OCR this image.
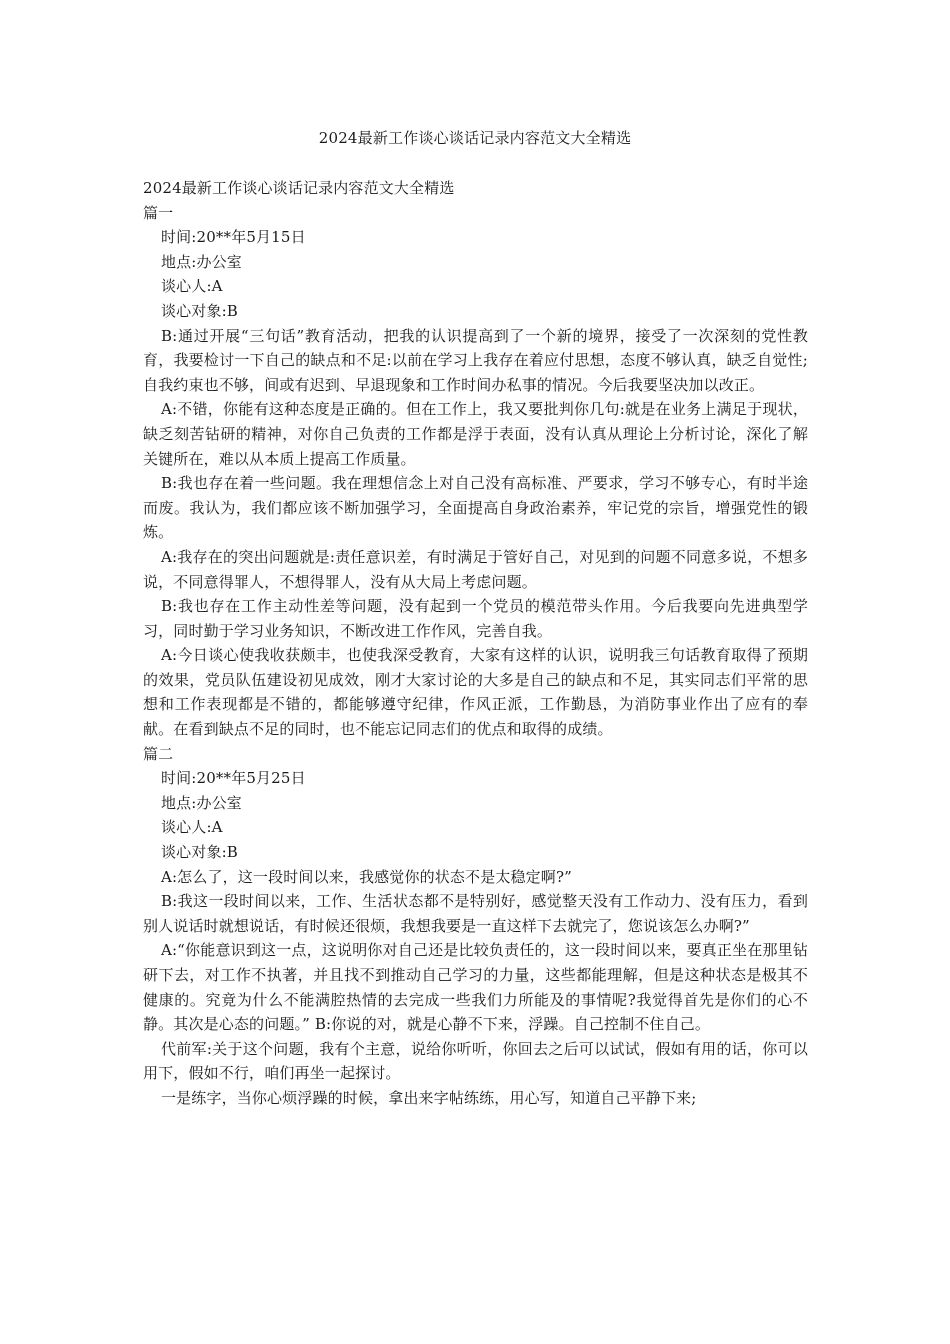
2024最新工作谈心谈话记录内容范文大全精选

2024最新工作谈心谈话记录内容范文大全精选

篇一

时间:20**年5月15日

地点:办公室

谈心人:A

谈心对象:B

B:通过开展“三句话”教育活动，把我的认识提高到了一个新的境界，接受了一次深刻的党性教育，我要检讨一下自己的缺点和不足:以前在学习上我存在着应付思想，态度不够认真，缺乏自觉性;自我约束也不够，间或有迟到、早退现象和工作时间办私事的情况。今后我要坚决加以改正。

A:不错，你能有这种态度是正确的。但在工作上，我又要批判你几句:就是在业务上满足于现状，缺乏刻苦钻研的精神，对你自己负责的工作都是浮于表面，没有认真从理论上分析讨论，深化了解关键所在，难以从本质上提高工作质量。

B:我也存在着一些问题。我在理想信念上对自己没有高标准、严要求，学习不够专心，有时半途而废。我认为，我们都应该不断加强学习，全面提高自身政治素养，牢记党的宗旨，增强党性的锻炼。

A:我存在的突出问题就是:责任意识差，有时满足于管好自己，对见到的问题不同意多说，不想多说，不同意得罪人，不想得罪人，没有从大局上考虑问题。

B:我也存在工作主动性差等问题，没有起到一个党员的模范带头作用。今后我要向先进典型学习，同时勤于学习业务知识，不断改进工作作风，完善自我。

A:今日谈心使我收获颇丰，也使我深受教育，大家有这样的认识，说明我三句话教育取得了预期的效果，党员队伍建设初见成效，刚才大家讨论的大多是自己的缺点和不足，其实同志们平常的思想和工作表现都是不错的，都能够遵守纪律，作风正派，工作勤恳，为消防事业作出了应有的奉献。在看到缺点不足的同时，也不能忘记同志们的优点和取得的成绩。

篇二

时间:20**年5月25日

地点:办公室

谈心人:A

谈心对象:B

A:怎么了，这一段时间以来，我感觉你的状态不是太稳定啊?”

B:我这一段时间以来，工作、生活状态都不是特别好，感觉整天没有工作动力、没有压力，看到别人说话时就想说话，有时候还很烦，我想我要是一直这样下去就完了，您说该怎么办啊?”

A:“你能意识到这一点，这说明你对自己还是比较负责任的，这一段时间以来，要真正坐在那里钻研下去，对工作不执著，并且找不到推动自己学习的力量，这些都能理解，但是这种状态是极其不健康的。究竟为什么不能满腔热情的去完成一些我们力所能及的事情呢?我觉得首先是你们的心不静。其次是心态的问题。” B:你说的对，就是心静不下来，浮躁。自己控制不住自己。

代前军:关于这个问题，我有个主意，说给你听听，你回去之后可以试试，假如有用的话，你可以用下，假如不行，咱们再坐一起探讨。

一是练字，当你心烦浮躁的时候，拿出来字帖练练，用心写，知道自己平静下来;
